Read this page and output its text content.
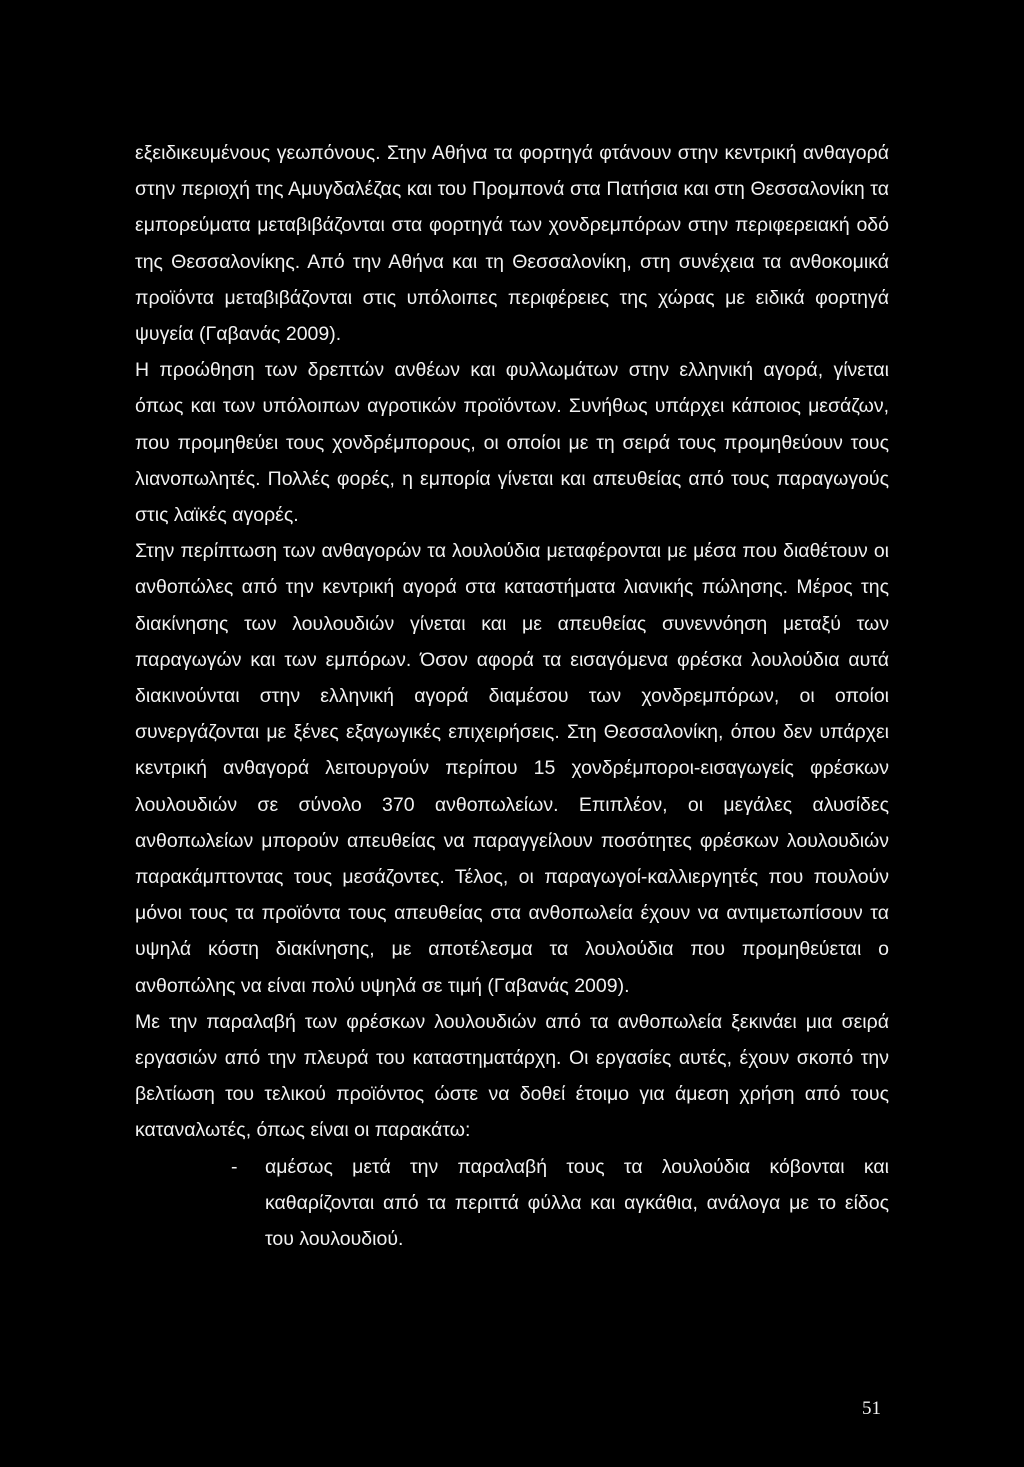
εξειδικευμένους γεωπόνους. Στην Αθήνα τα φορτηγά φτάνουν στην κεντρική ανθαγορά στην περιοχή της Αμυγδαλέζας και του Προμπονά στα Πατήσια και στη Θεσσαλονίκη τα εμπορεύματα μεταβιβάζονται στα φορτηγά των χονδρεμπόρων στην περιφερειακή οδό της Θεσσαλονίκης. Από την Αθήνα και τη Θεσσαλονίκη, στη συνέχεια τα ανθοκομικά προϊόντα μεταβιβάζονται στις υπόλοιπες περιφέρειες της χώρας με ειδικά φορτηγά ψυγεία (Γαβανάς 2009).

Η προώθηση των δρεπτών ανθέων και φυλλωμάτων στην ελληνική αγορά, γίνεται όπως και των υπόλοιπων αγροτικών προϊόντων. Συνήθως υπάρχει κάποιος μεσάζων, που προμηθεύει τους χονδρέμπορους, οι οποίοι με τη σειρά τους προμηθεύουν τους λιανοπωλητές. Πολλές φορές, η εμπορία γίνεται και απευθείας από τους παραγωγούς στις λαϊκές αγορές.

Στην περίπτωση των ανθαγορών τα λουλούδια μεταφέρονται με μέσα που διαθέτουν οι ανθοπώλες από την κεντρική αγορά στα καταστήματα λιανικής πώλησης. Μέρος της διακίνησης των λουλουδιών γίνεται και με απευθείας συνεννόηση μεταξύ των παραγωγών και των εμπόρων. Όσον αφορά τα εισαγόμενα φρέσκα λουλούδια αυτά διακινούνται στην ελληνική αγορά διαμέσου των χονδρεμπόρων, οι οποίοι συνεργάζονται με ξένες εξαγωγικές επιχειρήσεις. Στη Θεσσαλονίκη, όπου δεν υπάρχει κεντρική ανθαγορά λειτουργούν περίπου 15 χονδρέμποροι-εισαγωγείς φρέσκων λουλουδιών σε σύνολο 370 ανθοπωλείων. Επιπλέον, οι μεγάλες αλυσίδες ανθοπωλείων μπορούν απευθείας να παραγγείλουν ποσότητες φρέσκων λουλουδιών παρακάμπτοντας τους μεσάζοντες. Τέλος, οι παραγωγοί-καλλιεργητές που πουλούν μόνοι τους τα προϊόντα τους απευθείας στα ανθοπωλεία έχουν να αντιμετωπίσουν τα υψηλά κόστη διακίνησης, με αποτέλεσμα τα λουλούδια που προμηθεύεται ο ανθοπώλης να είναι πολύ υψηλά σε τιμή (Γαβανάς 2009).

Με την παραλαβή των φρέσκων λουλουδιών από τα ανθοπωλεία ξεκινάει μια σειρά εργασιών από την πλευρά του καταστηματάρχη. Οι εργασίες αυτές, έχουν σκοπό την βελτίωση του τελικού προϊόντος ώστε να δοθεί έτοιμο για άμεση χρήση από τους καταναλωτές, όπως είναι οι παρακάτω:

- αμέσως μετά την παραλαβή τους τα λουλούδια κόβονται και καθαρίζονται από τα περιττά φύλλα και αγκάθια, ανάλογα με το είδος του λουλουδιού.
51
